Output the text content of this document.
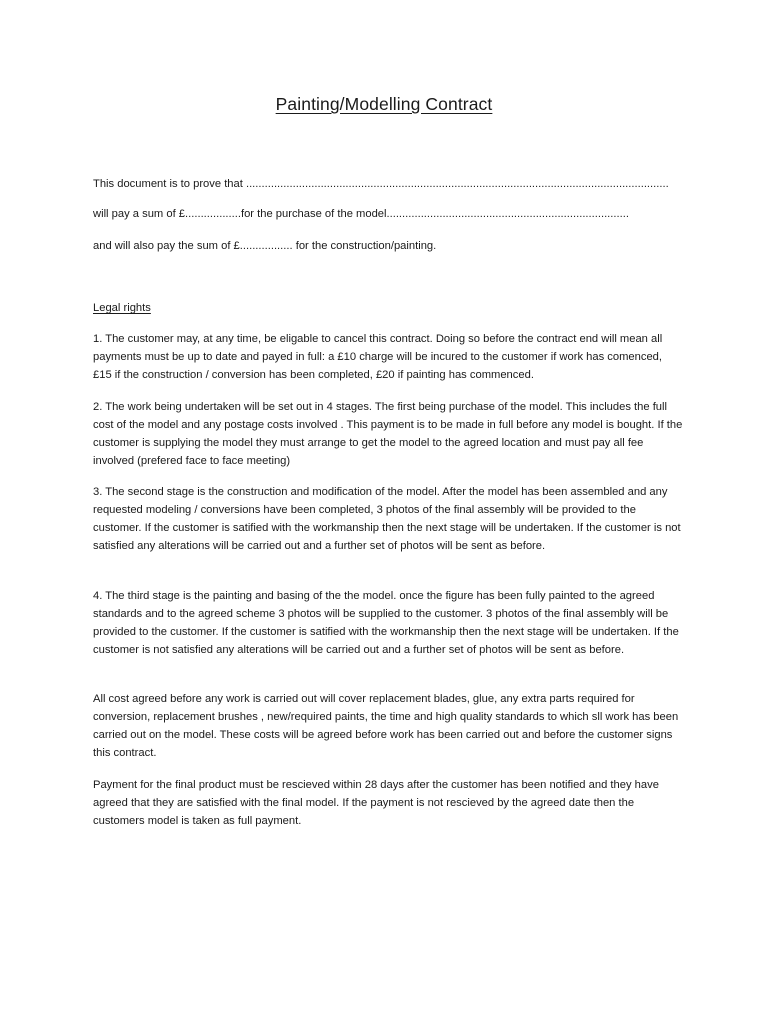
Painting/Modelling Contract
This document is to prove that ........................................................................................................................................
will pay a sum of £..................for the purchase of the model..............................................................................
and will also pay the sum of £................. for the construction/painting.
Legal rights
1. The customer may, at any time, be eligable to cancel this contract. Doing so before the contract end will mean all payments must be up to date and payed in full: a £10 charge will be incured to the customer if work has comenced, £15 if the construction / conversion has been completed, £20 if painting has commenced.
2. The work being undertaken will be set out in 4 stages. The first being purchase of the model. This includes the full cost of the model and any postage costs involved . This payment is to be made in full before any model is bought. If the customer is supplying the model they must arrange to get the model to the agreed location and must pay all fee involved (prefered face to face meeting)
3. The second stage is the construction and modification of the model. After the model has been assembled and any requested modeling / conversions have been completed, 3 photos of the final assembly will be provided to the customer. If the customer is satified with the workmanship then the next stage will be undertaken. If the customer is not satisfied any alterations will be carried out and a further set of photos will be sent as before.
4. The third stage is the painting and basing of the the model. once the figure has been fully painted to the agreed standards and to the agreed scheme 3 photos will be supplied to the customer. 3 photos of the final assembly will be provided to the customer. If the customer is satified with the workmanship then the next stage will be undertaken. If the customer is not satisfied any alterations will be carried out and a further set of photos will be sent as before.
All cost agreed before any work is carried out will cover replacement blades, glue, any extra parts required for conversion, replacement brushes , new/required paints, the time and high quality standards to which sll work has been carried out on the model. These costs will be agreed before work has been carried out and before the customer signs this contract.
Payment for the final product must be rescieved within 28 days after the customer has been notified and they have agreed that they are satisfied with the final model. If the payment is not rescieved by the agreed date then the customers model is taken as full payment.
